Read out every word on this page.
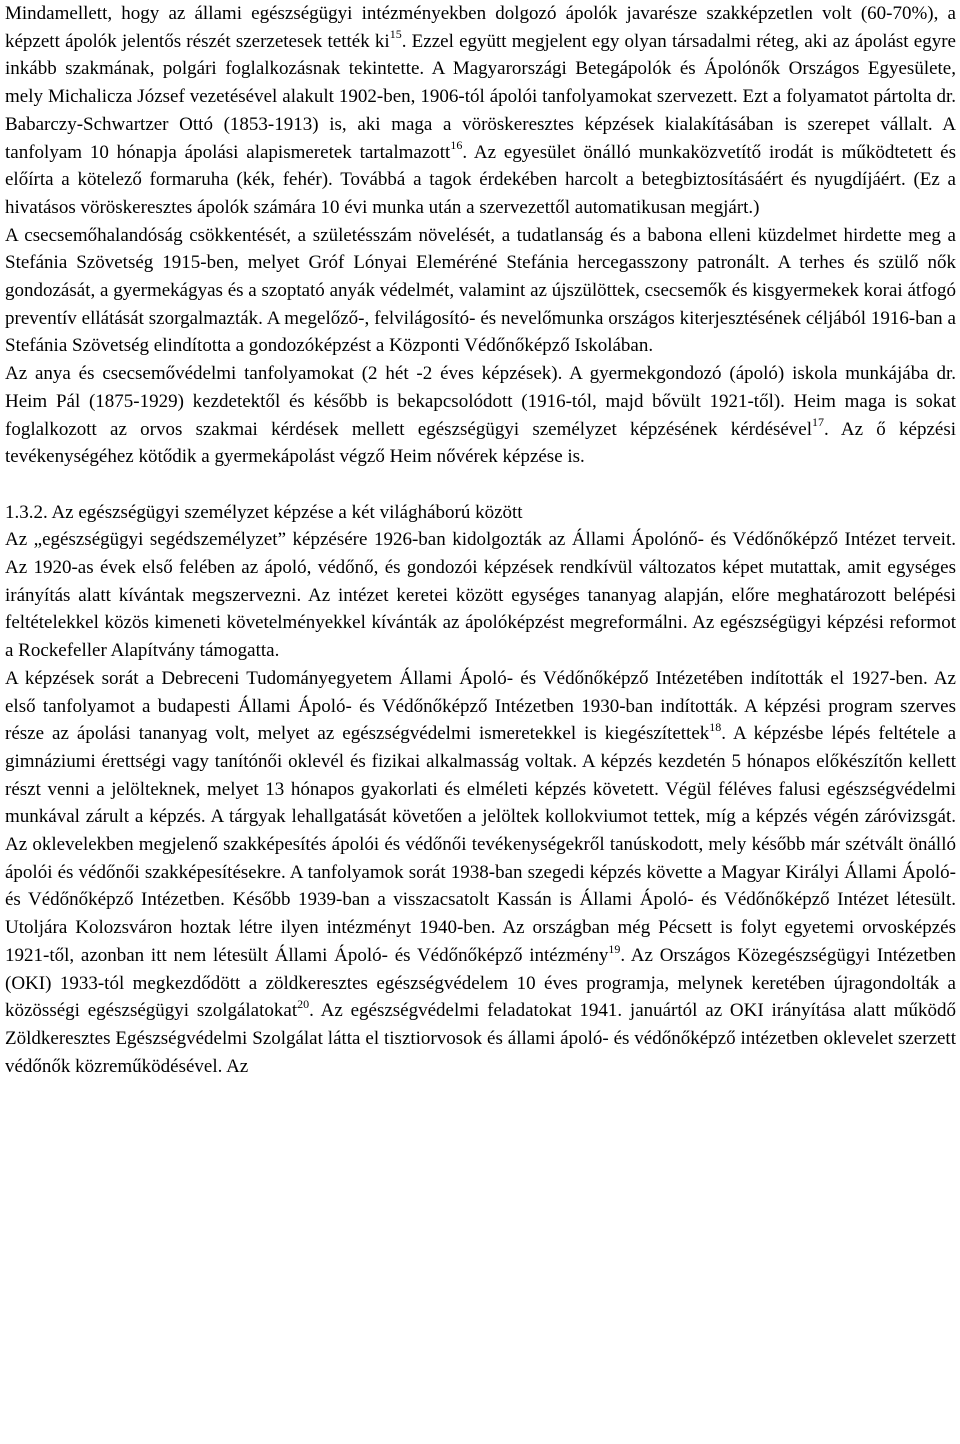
Mindamellett, hogy az állami egészségügyi intézményekben dolgozó ápolók javarésze szakképzetlen volt (60-70%), a képzett ápolók jelentős részét szerzetesek tették $ki^{15}$. Ezzel együtt megjelent egy olyan társadalmi réteg, aki az ápolást egyre inkább szakmának, polgári foglalkozásnak tekintette. A Magyarországi Betegápolók és Ápolónők Országos Egyesülete, mely Michalicza József vezetésével alakult 1902-ben, 1906-tól ápolói tanfolyamokat szervezett. Ezt a folyamatot pártolta dr. Babarczy-Schwartzer Ottó (1853-1913) is, aki maga a vöröskeresztes képzések kialakításában is szerepet vállalt. A tanfolyam 10 hónapja ápolási alapismeretek tartalmazott$^{16}$. Az egyesület önálló munkaközvetítő irodát is működtetett és előírta a kötelező formaruha (kék, fehér). Továbbá a tagok érdekében harcolt a betegbiztosításáért és nyugdíjáért. (Ez a hivatásos vöröskeresztes ápolók számára 10 évi munka után a szervezettől automatikusan megjárt.)

A csecsemőhalandóság csökkentését, a születésszám növelését, a tudatlanság és a babona elleni küzdelmet hirdette meg a Stefánia Szövetség 1915-ben, melyet Gróf Lónyai Eleméréné Stefánia hercegasszony patronált. A terhes és szülő nők gondozását, a gyermekágyas és a szoptató anyák védelmét, valamint az újszülöttek, csecsemők és kisgyermekek korai átfogó preventív ellátását szorgalmazták. A megelőző-, felvilágosító- és nevelőmunka országos kiterjesztésének céljából 1916-ban a Stefánia Szövetség elindította a gondozóképzést a Központi Védőnőképző Iskolában.

Az anya és csecsemővédelmi tanfolyamokat (2 hét -2 éves képzések). A gyermekgondozó (ápoló) iskola munkájába dr. Heim Pál (1875-1929) kezdetektől és később is bekapcsolódott (1916-tól, majd bővült 1921-től). Heim maga is sokat foglalkozott az orvos szakmai kérdések mellett egészségügyi személyzet képzésének kérdésével$^{17}$. Az ő képzési tevékenységéhez kötődik a gyermekápolást végző Heim nővérek képzése is.

1.3.2. Az egészségügyi személyzet képzése a két világháború között

Az „egészségügyi segédszemélyzet” képzésére 1926-ban kidolgozták az Állami Ápolónő- és Védőnőképző Intézet terveit. Az 1920-as évek első felében az ápoló, védőnő, és gondozói képzések rendkívül változatos képet mutattak, amit egységes irányítás alatt kívántak megszervezni. Az intézet keretei között egységes tananyag alapján, előre meghatározott belépési feltételekkel közös kimeneti követelményekkel kívánták az ápolóképzést megreformálni. Az egészségügyi képzési reformot a Rockefeller Alapítvány támogatta.

A képzések sorát a Debreceni Tudományegyetem Állami Ápoló- és Védőnőképző Intézetében indították el 1927-ben. Az első tanfolyamot a budapesti Állami Ápoló- és Védőnőképző Intézetben 1930-ban indították. A képzési program szerves része az ápolási tananyag volt, melyet az egészségvédelmi ismeretekkel is kiegészítettek$^{18}$. A képzésbe lépés feltétele a gimnáziumi érettségi vagy tanítónői oklevél és fizikai alkalmasság voltak. A képzés kezdetén 5 hónapos előkészítőn kellett részt venni a jelölteknek, melyet 13 hónapos gyakorlati és elméleti képzés követett. Végül féléves falusi egészségvédelmi munkával zárult a képzés. A tárgyak lehallgatását követően a jelöltek kollokviumot tettek, míg a képzés végén záróvizsgát. Az oklevelekben megjelenő szakképesítés ápolói és védőnői tevékenységekről tanúskodott, mely később már szétvált önálló ápolói és védőnői szakképesítésekre. A tanfolyamok sorát 1938-ban szegedi képzés követte a Magyar Királyi Állami Ápoló- és Védőnőképző Intézetben. Később 1939-ban a visszacsatolt Kassán is Állami Ápoló- és Védőnőképző Intézet létesült. Utoljára Kolozsváron hoztak létre ilyen intézményt 1940-ben. Az országban még Pécsett is folyt egyetemi orvosképzés 1921-től, azonban itt nem létesült Állami Ápoló- és Védőnőképző intézmény$^{19}$. Az Országos Közegészségügyi Intézetben (OKI) 1933-tól megkezdődött a zöldkeresztes egészségvédelem 10 éves programja, melynek keretében újragondolták a közösségi egészségügyi szolgálatokat$^{20}$. Az egészségvédelmi feladatokat 1941. januártól az OKI irányítása alatt működő Zöldkeresztes Egészségvédelmi Szolgálat látta el tisztiorvosok és állami ápoló- és védőnőképző intézetben oklevelet szerzett védőnők közreműködésével. Az
